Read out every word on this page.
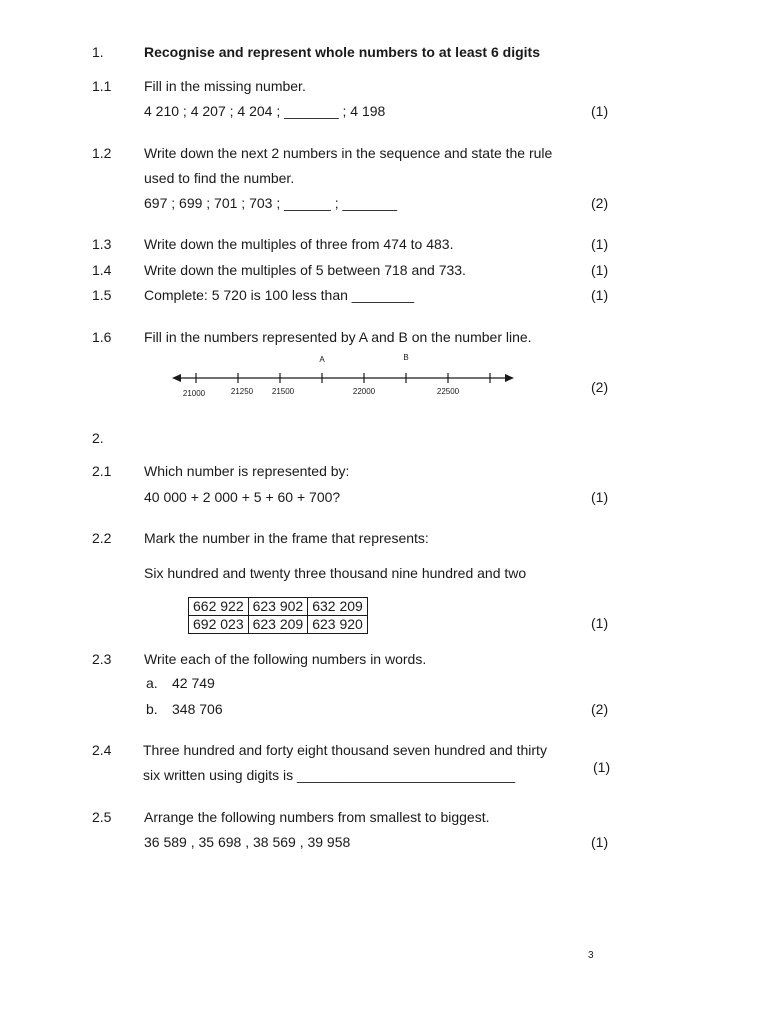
1.	Recognise and represent whole numbers to at least 6 digits
1.1 Fill in the missing number.
4 210 ; 4 207 ; 4 204 ; _______ ; 4 198	(1)
1.2 Write down the next 2 numbers in the sequence and state the rule
used to find the number.
697 ; 699 ; 701 ; 703 ; ______ ; _______	(2)
1.3 Write down the multiples of three from 474 to 483.	(1)
1.4 Write down the multiples of 5 between 718 and 733.	(1)
1.5 Complete: 5 720 is 100 less than ________	(1)
1.6 Fill in the numbers represented by A and B on the number line.
(2)
21000	21250 21500	22000	22500
A	B
2.
2.1 Which number is represented by:
40 000 + 2 000 + 5 + 60 + 700?	(1)
2.2 Mark the number in the frame that represents:
Six hundred and twenty three thousand nine hundred and two
662 922	623 902	632 209
692 023	623 209	623 920	(1)
2.3 Write each of the following numbers in words.
a. 42 749
b. 348 706	(2)
2.4 Three hundred and forty eight thousand seven hundred and thirty
six written using digits is ____________________________	(1)
2.5 Arrange the following numbers from smallest to biggest.
36 589 , 35 698 , 38 569 , 39 958	(1)
3
